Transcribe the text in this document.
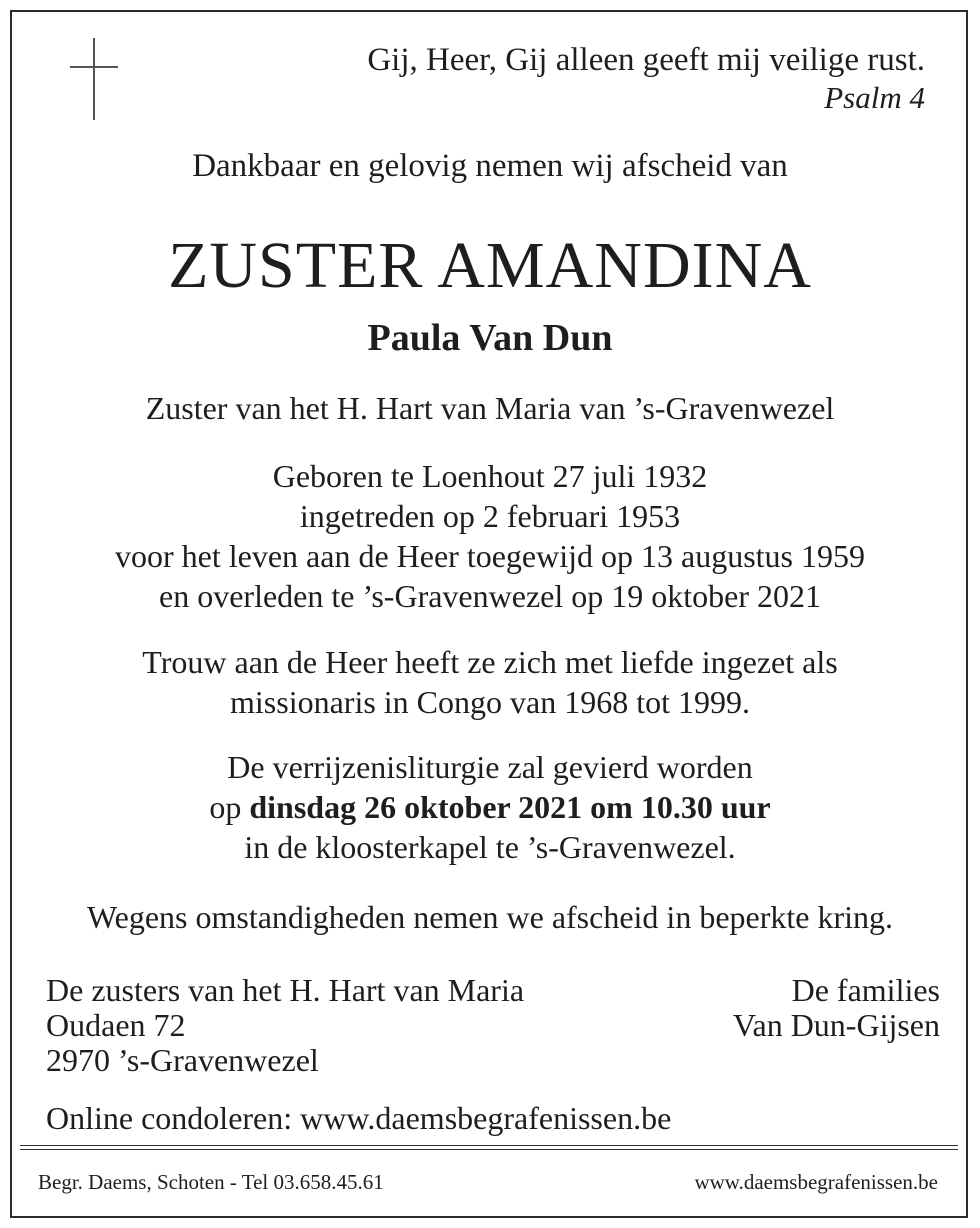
Gij, Heer, Gij alleen geeft mij veilige rust.
Psalm 4
Dankbaar en gelovig nemen wij afscheid van
ZUSTER AMANDINA
Paula Van Dun
Zuster van het H. Hart van Maria van ’s-Gravenwezel
Geboren te Loenhout 27 juli 1932
ingetreden op 2 februari 1953
voor het leven aan de Heer toegewijd op 13 augustus 1959
en overleden te ’s-Gravenwezel op 19 oktober 2021
Trouw aan de Heer heeft ze zich met liefde ingezet als
missionaris in Congo van 1968 tot 1999.
De verrijzenisliturgie zal gevierd worden
op dinsdag 26 oktober 2021 om 10.30 uur
in de kloosterkapel te ’s-Gravenwezel.
Wegens omstandigheden nemen we afscheid in beperkte kring.
De zusters van het H. Hart van Maria
Oudaen 72
2970 ’s-Gravenwezel
De families
Van Dun-Gijsen
Online condoleren: www.daemsbegrafenissen.be
Begr. Daems, Schoten - Tel 03.658.45.61	www.daemsbegrafenissen.be
